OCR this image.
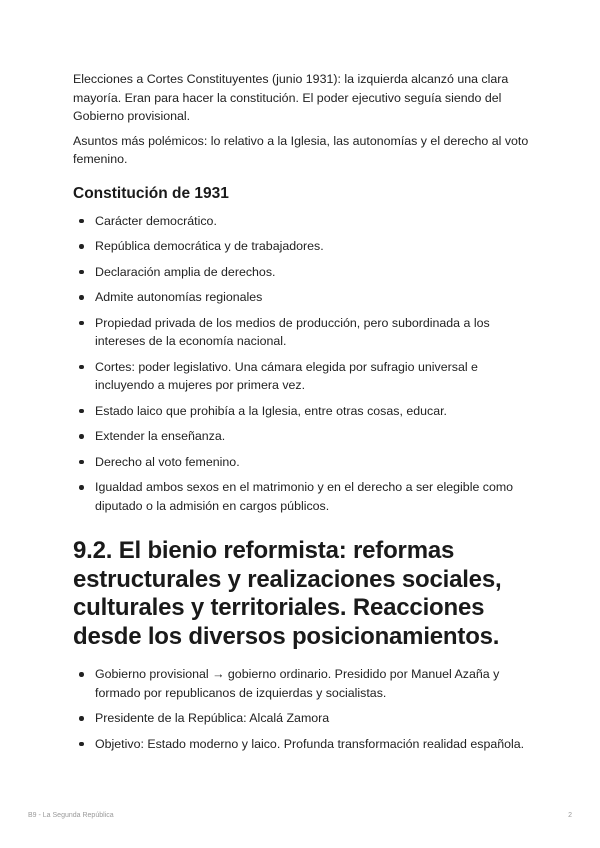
Elecciones a Cortes Constituyentes (junio 1931): la izquierda alcanzó una clara mayoría. Eran para hacer la constitución. El poder ejecutivo seguía siendo del Gobierno provisional.

Asuntos más polémicos: lo relativo a la Iglesia, las autonomías y el derecho al voto femenino.

Constitución de 1931
Carácter democrático.
República democrática y de trabajadores.
Declaración amplia de derechos.
Admite autonomías regionales
Propiedad privada de los medios de producción, pero subordinada a los intereses de la economía nacional.
Cortes: poder legislativo. Una cámara elegida por sufragio universal e incluyendo a mujeres por primera vez.
Estado laico que prohibía a la Iglesia, entre otras cosas, educar.
Extender la enseñanza.
Derecho al voto femenino.
Igualdad ambos sexos en el matrimonio y en el derecho a ser elegible como diputado o la admisión en cargos públicos.
9.2. El bienio reformista: reformas estructurales y realizaciones sociales, culturales y territoriales. Reacciones desde los diversos posicionamientos.
Gobierno provisional → gobierno ordinario. Presidido por Manuel Azaña y formado por republicanos de izquierdas y socialistas.
Presidente de la República: Alcalá Zamora
Objetivo: Estado moderno y laico. Profunda transformación realidad española.
B9 - La Segunda República	2
